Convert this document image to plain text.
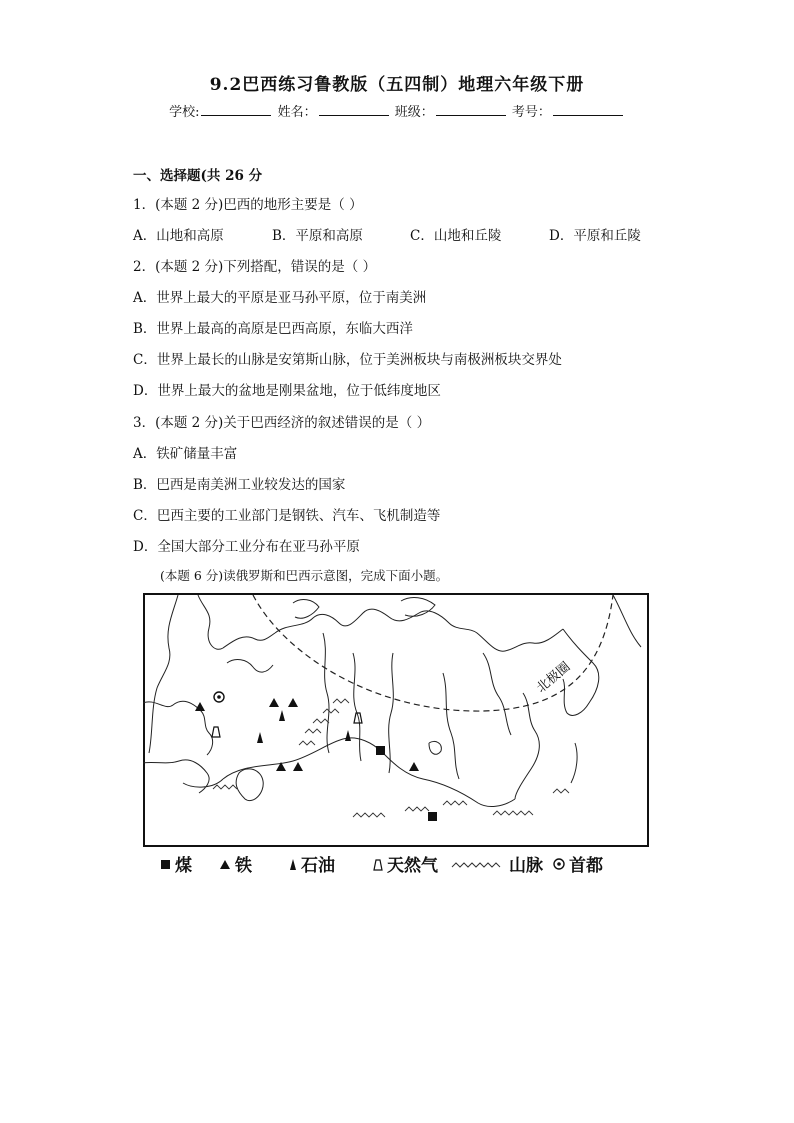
9.2巴西练习鲁教版（五四制）地理六年级下册
学校:	姓名：	班级：	考号：
一、选择题(共 26 分
1．(本题 2 分)巴西的地形主要是（ ）
A．山地和高原	B．平原和高原	C．山地和丘陵	D．平原和丘陵
2．(本题 2 分)下列搭配，错误的是（ ）
A．世界上最大的平原是亚马孙平原，位于南美洲
B．世界上最高的高原是巴西高原，东临大西洋
C．世界上最长的山脉是安第斯山脉，位于美洲板块与南极洲板块交界处
D．世界上最大的盆地是刚果盆地，位于低纬度地区
3．(本题 2 分)关于巴西经济的叙述错误的是（ ）
A．铁矿储量丰富
B．巴西是南美洲工业较发达的国家
C．巴西主要的工业部门是钢铁、汽车、飞机制造等
D．全国大部分工业分布在亚马孙平原
(本题 6 分)读俄罗斯和巴西示意图，完成下面小题。
北极圈
煤	铁	石油	天然气	山脉 首都
